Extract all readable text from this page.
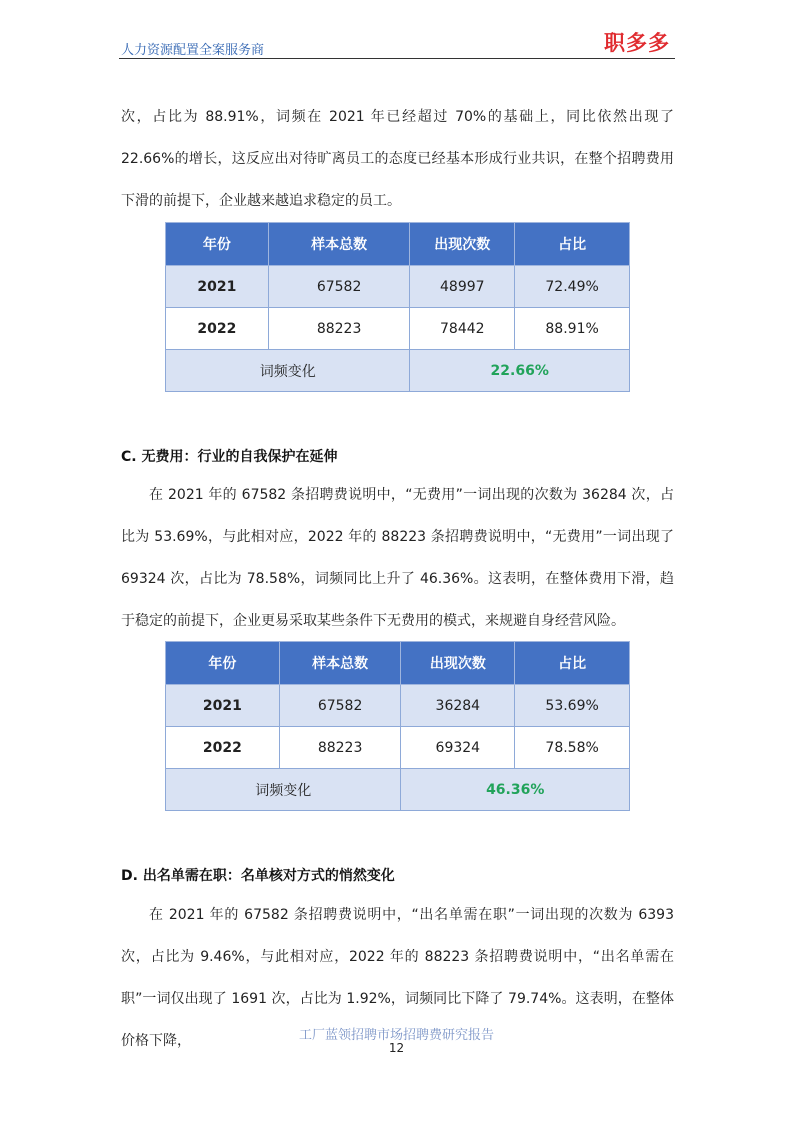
人力资源配置全案服务商	职多多

次，占比为 88.91%，词频在 2021 年已经超过 70%的基础上，同比依然出现了 22.66%的增长，这反应出对待旷离员工的态度已经基本形成行业共识，在整个招聘费用下滑的前提下，企业越来越追求稳定的员工。

年份	样本总数	出现次数	占比
2021	67582	48997	72.49%
2022	88223	78442	88.91%
词频变化		22.66%	
C. 无费用：行业的自我保护在延伸

在 2021 年的 67582 条招聘费说明中，“无费用”一词出现的次数为 36284 次，占比为 53.69%，与此相对应，2022 年的 88223 条招聘费说明中，“无费用”一词出现了 69324 次，占比为 78.58%，词频同比上升了 46.36%。这表明，在整体费用下滑，趋于稳定的前提下，企业更易采取某些条件下无费用的模式，来规避自身经营风险。

年份	样本总数	出现次数	占比
2021	67582	36284	53.69%
2022	88223	69324	78.58%
词频变化		46.36%	
D. 出名单需在职：名单核对方式的悄然变化

在 2021 年的 67582 条招聘费说明中，“出名单需在职”一词出现的次数为 6393 次，占比为 9.46%，与此相对应，2022 年的 88223 条招聘费说明中，“出名单需在职”一词仅出现了 1691 次，占比为 1.92%，词频同比下降了 79.74%。这表明，在整体价格下降，	工厂蓝领招聘市场招聘费研究报告
12
